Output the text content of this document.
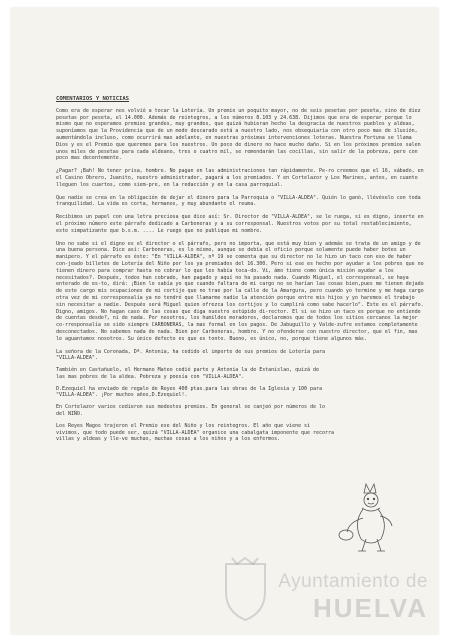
COMENTARIOS Y NOTICIAS

Como era de esperar nos volvió a tocar la Lotería. Un premio un poquito mayor, no de seis pesetas por peseta, sino de diez pesetas por peseta, el 14.000. Además de reintegros, a los números 8.103 y 24.638. Dijimos que era de esperar porque lo mismo que no esperamos premios grandes, muy grandes, que quizá hubieran hecho la desgracia de nuestros pueblos y aldeas, suponíamos que la Providencia que de un modo descarado está a nuestro lado, nos obsequiaría con otro poco mas de ilusión, aumentándola incluso, como ocurrirá mas adelante, en nuestras próximas intervenciones loteras. Nuestra Fortuna se llama Dios y es el Premio que queremos para los nuestros. Un poco de dinero no hace mucho daño. Si en los próximos premios salen unos miles de pesetas para cada aldeano, tres o cuatro mil, se remendarán las cocillas, sin salir de la pobreza, pero con poco mas decentemente.

¿Pagar? ¡Bah! No tener prisa, hombre. No pagan en las administraciones tan rápidamente. Pe-ro creemos que el 16, sábado, en el Casino Obrero, Juanito, nuestro administrador, pagará a los premiados. Y en Cortelazor y Los Marines, antes, en cuanto lleguen los cuartos, como siem-pre, en la redacción y en la casa parroquial.

Que nadie se crea en la obligación de dejar el dinero para la Parroquia o "VILLA-ALDEA". Quién lo ganó, llévéselo con toda tranquilidad. La vida es corta, hermanos, y muy abundante el reuma.

Recibimos un papel con una letra preciosa que dice así: Sr. Director de "VILLA-ALDEA", se le ruega, si es digno, inserte en el próximo número este párrafo dedicado a Carboneras y a su corresponsal. Nuestros votos por su total restablecimiento, este simpatizante que b.s.m. .... Le ruego que no publique mi nombre.

Uno no sabe si el digno es el director o el párrafo, pero no importa, que está muy bien y además se trata de un amigo y de una buena persona. Dice así: Carboneras, es lo mismo, aunque se debía el oficio porque solamente puede haber botes un manipero. Y el párrafo es éste: "En "VILLA-ALDEA", nº 19 se comenta que su director no le hizo un taco con eso de haber con-jeado billetes de Lotería del Niño por los ya premiados del 16.300. Pero si ese es hecho por ayudar a los pobres que no tienen dinero para comprar hasta no cobrar lo que les había toca-do. Vi, ámo tiene como única misión ayudar a los necesitados?. Después, todos han cobrado, han pagado y aquí no ha pasado nada. Cuando Miguel, el corresponsal, se haya enterado de es-to, dirá: ¡Bien lo sabía yo que cuando faltara de mi cargo no se harían las cosas bien,pues me tienen dejado de este cargo mis ocupaciones de mi cortijo que no trae por la calle de la Amargura, pero cuando yo termine y me haga cargo otra vez de mi corresponsalía ya no tendré que llamarme nadie la atención porque entre mis hijos y yo haremos el trabajo sin necesitar a nadie. Después será Miguel quien ofrezca los cortijos y lo cumplirá como sabe hacerlo". Este es el párrafo. Digno, amigos. No hagan caso de las cosas que diga nuestro estúpido di-rector. El si se hizo un taco es porque no entiende de cuentas desde?, ni de nada. Por nosotros, los humildes moradores, declaremos que de todos los sitios cercanos la mejor co-rresponsalía se sido siempre CARBONERAS, la mas formal en los pagos. De Jabuguillo y Valde-zufre estamos completamente desconectados. No sabemos nada de nada. Bien por Carboneras, hombre. Y no ofenderse con nuestro director, que el fin, mas le aguantamos nosotros. Su único defecto es que es tonto. Bueno, es único, no, porque tiene algunos más.

La señora de la Coronada, Dª. Antonia, ha cedido el importe de sus premios de Lotería para "VILLA-ALDEA".

También en Castañuelo, el Hermano Mateo cedió parte y Antonia la de Estanislao, quizá de las mas pobres de la aldea. Pobreza y poesía con "VILLA-ALDEA".

D.Ezequiel ha enviado de regalo de Reyes 400 ptas.para las obras de la Iglesia y 100 para "VILLA-ALDEA". ¡Por muchos años,D.Ezequiel!.

En Cortelazor varios cedieron sus modestos premios. En general se canjeó por números de lo del NIÑO.

Los Reyes Magos trajeron el Premio ese del Niño y los reintegros. El año que viene si vivimos, que todo puede ser, quizá "VILLA-ALDEA" organice una cabalgata imponente que recorra villas y aldeas y lle-ve muchas, muchas cosas a los niños y a los enfermos.

Ayuntamiento de
HUELVA
